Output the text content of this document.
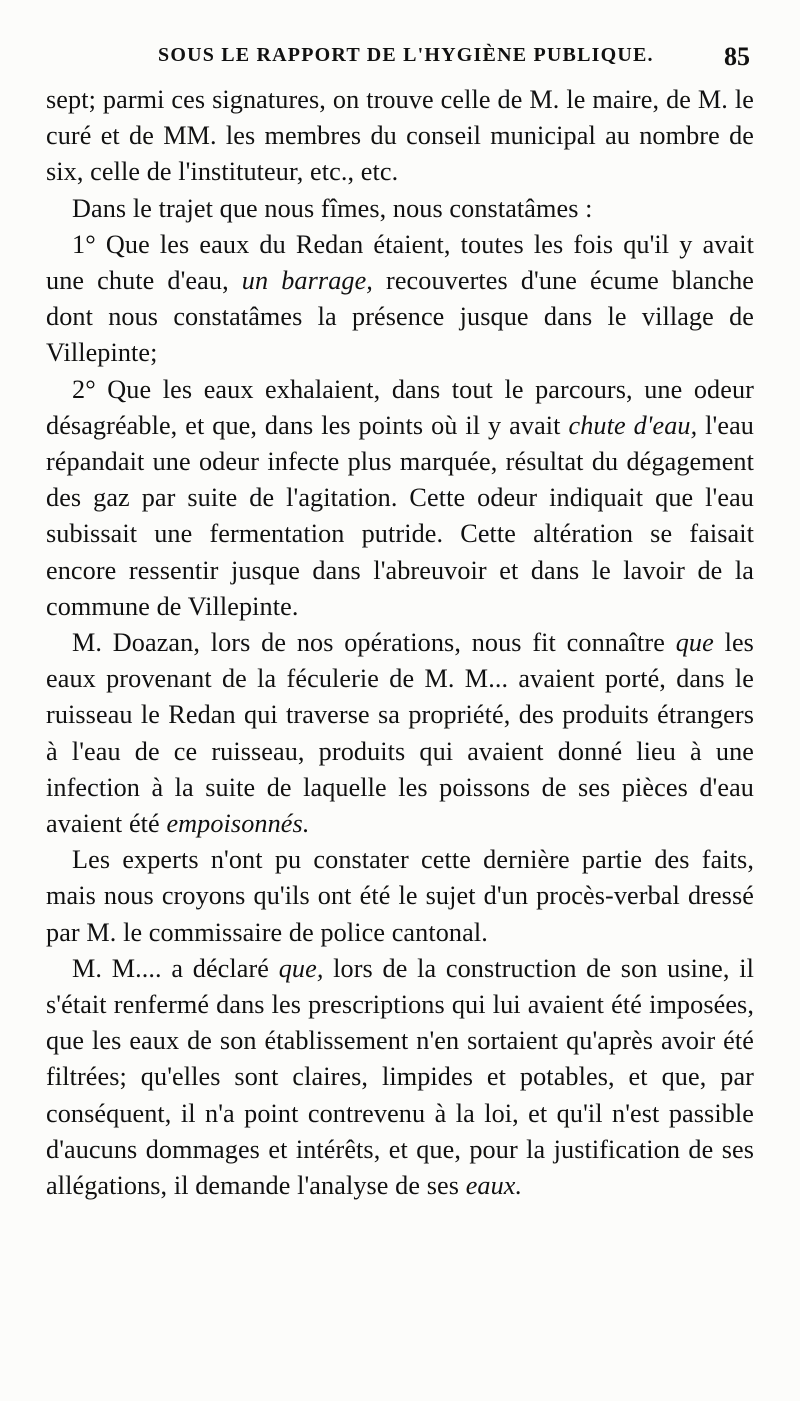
SOUS LE RAPPORT DE L'HYGIÈNE PUBLIQUE.	85

sept; parmi ces signatures, on trouve celle de M. le maire, de M. le curé et de MM. les membres du conseil municipal au nombre de six, celle de l'instituteur, etc., etc.

Dans le trajet que nous fîmes, nous constatâmes :

1° Que les eaux du Redan étaient, toutes les fois qu'il y avait une chute d'eau, un barrage, recouvertes d'une écume blanche dont nous constatâmes la présence jusque dans le village de Villepinte;

2° Que les eaux exhalaient, dans tout le parcours, une odeur désagréable, et que, dans les points où il y avait chute d'eau, l'eau répandait une odeur infecte plus marquée, résultat du dégagement des gaz par suite de l'agitation. Cette odeur indiquait que l'eau subissait une fermentation putride. Cette altération se faisait encore ressentir jusque dans l'abreuvoir et dans le lavoir de la commune de Villepinte.

M. Doazan, lors de nos opérations, nous fit connaître que les eaux provenant de la féculerie de M. M... avaient porté, dans le ruisseau le Redan qui traverse sa propriété, des produits étrangers à l'eau de ce ruisseau, produits qui avaient donné lieu à une infection à la suite de laquelle les poissons de ses pièces d'eau avaient été empoisonnés.

Les experts n'ont pu constater cette dernière partie des faits, mais nous croyons qu'ils ont été le sujet d'un procès-verbal dressé par M. le commissaire de police cantonal.

M. M.... a déclaré que, lors de la construction de son usine, il s'était renfermé dans les prescriptions qui lui avaient été imposées, que les eaux de son établissement n'en sortaient qu'après avoir été filtrées; qu'elles sont claires, limpides et potables, et que, par conséquent, il n'a point contrevenu à la loi, et qu'il n'est passible d'aucuns dommages et intérêts, et que, pour la justification de ses allégations, il demande l'analyse de ses eaux.
